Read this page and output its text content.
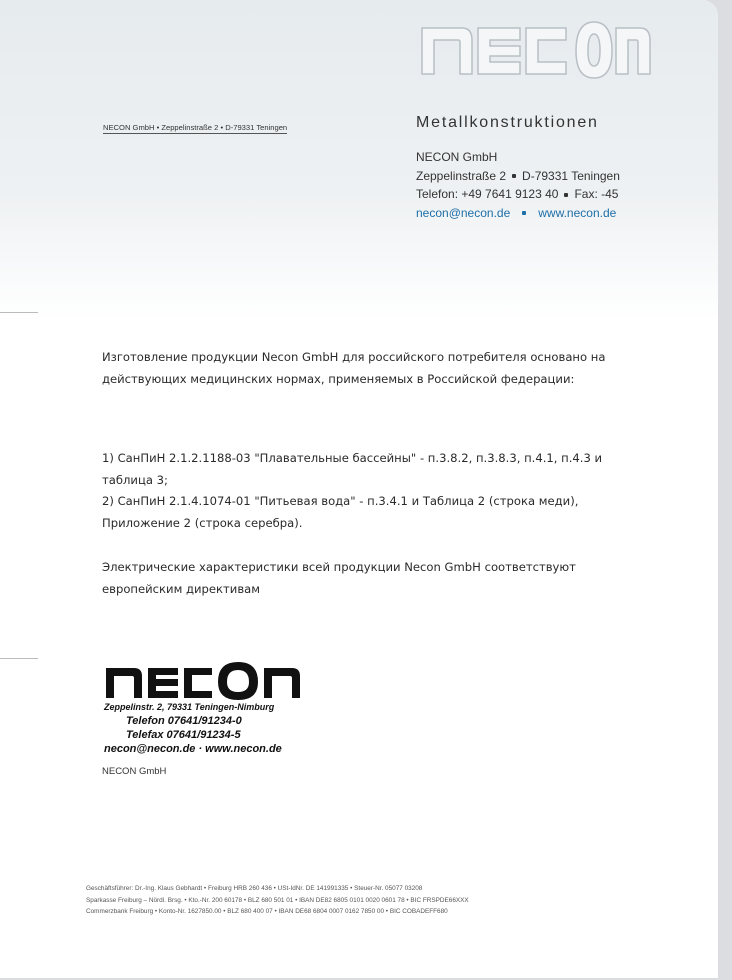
NECON GmbH • Zeppelinstraße 2 • D-79331 Teningen	Metallkonstruktionen
NECON GmbH
Zeppelinstraße 2 D-79331 Teningen
Telefon: +49 7641 9123 40 Fax: -45
necon@necon.de www.necon.de
Изготовление продукции Necon GmbH для российского потребителя основано на действующих медицинских нормах, применяемых в Российской федерации:
1) СанПиН 2.1.2.1188-03 "Плавательные бассейны" - п.3.8.2, п.3.8.3, п.4.1, п.4.3 и таблица 3;
2) СанПиН 2.1.4.1074-01 "Питьевая вода" - п.3.4.1 и Таблица 2 (строка меди), Приложение 2 (строка серебра).
Электрические характеристики всей продукции Necon GmbH соответствуют европейским директивам
Zeppelinstr. 2, 79331 Teningen-Nimburg
Telefon 07641/91234-0
Telefax 07641/91234-5
necon@necon.de · www.necon.de
NECON GmbH
Geschäftsführer: Dr.-Ing. Klaus Gebhardt • Freiburg HRB 260 436 • USt-IdNr. DE 141991335 • Steuer-Nr. 05077 03208
Sparkasse Freiburg – Nördl. Brsg. • Kto.-Nr. 200 60178 • BLZ 680 501 01 • IBAN DE82 6805 0101 0020 0601 78 • BIC FRSPDE66XXX
Commerzbank Freiburg • Konto-Nr. 1627850.00 • BLZ 680 400 07 • IBAN DE68 6804 0007 0162 7850 00 • BIC COBADEFF680
